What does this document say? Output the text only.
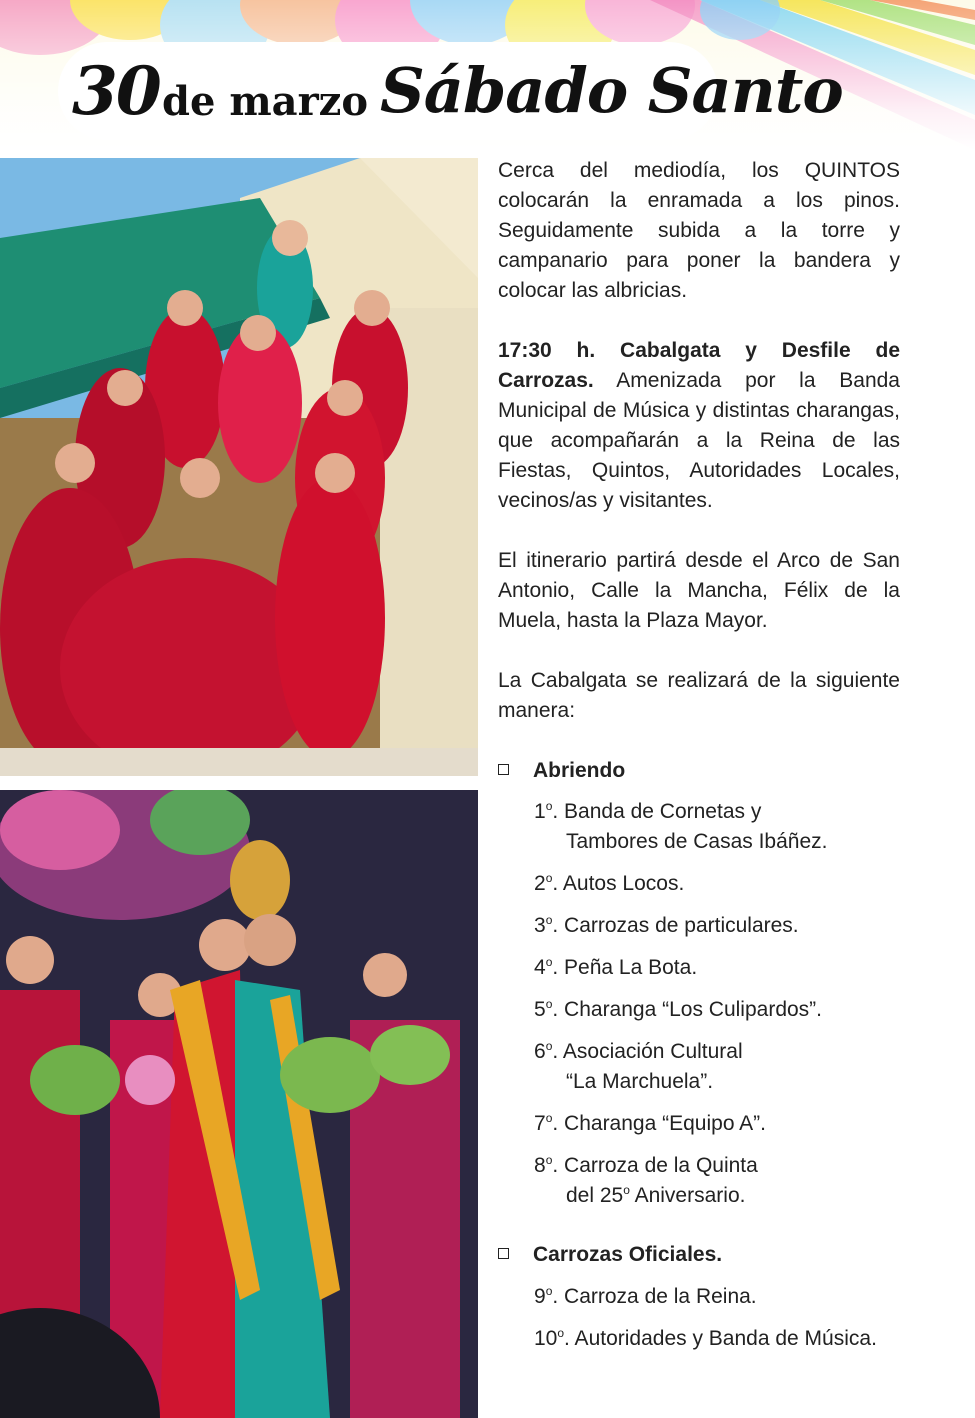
30 de marzo Sábado Santo

Cerca del mediodía, los QUINTOS colocarán la enramada a los pinos. Seguidamente subida a la torre y campanario para poner la bandera y colocar las albricias.

17:30 h. Cabalgata y Desfile de Carrozas. Amenizada por la Banda Municipal de Música y distintas charangas, que acompañarán a la Reina de las Fiestas, Quintos, Autoridades Locales, vecinos/as y visitantes.

El itinerario partirá desde el Arco de San Antonio, Calle la Mancha, Félix de la Muela, hasta la Plaza Mayor.

La Cabalgata se realizará de la siguiente manera:

Abriendo
1$^o$. Banda de Cornetas y
Tambores de Casas Ibáñez.
2$^o$. Autos Locos.
3$^o$. Carrozas de particulares.
4$^o$. Peña La Bota.
5$^o$. Charanga “Los Culipardos”.
6$^o$. Asociación Cultural
“La Marchuela”.
7$^o$. Charanga “Equipo A”.
8$^o$. Carroza de la Quinta
del 25$^o$ Aniversario.
Carrozas Oficiales.
9$^o$. Carroza de la Reina.
10$^o$. Autoridades y Banda de Música.
